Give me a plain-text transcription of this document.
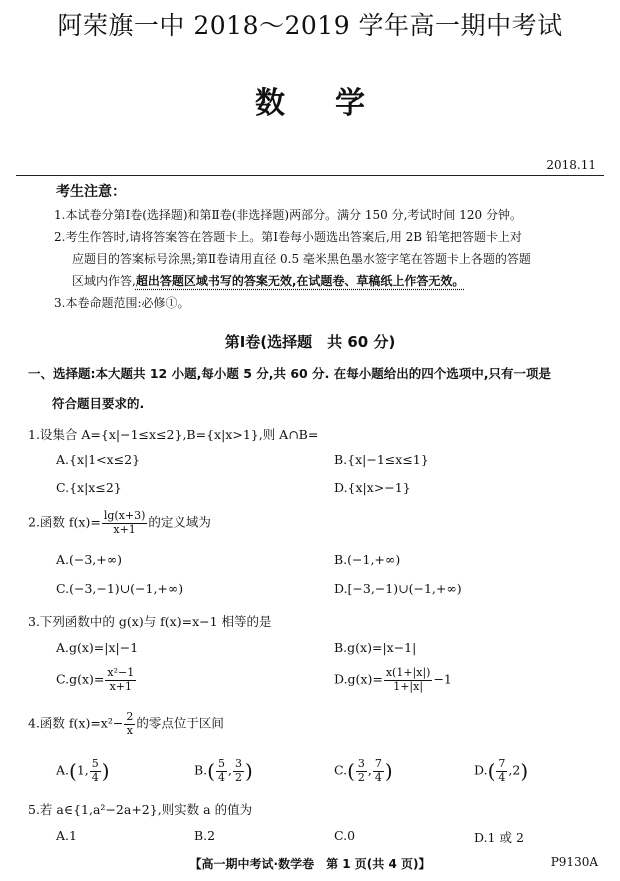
阿荣旗一中 2018～2019 学年高一期中考试
数学
2018.11
考生注意：
1.本试卷分第Ⅰ卷(选择题)和第Ⅱ卷(非选择题)两部分。满分 150 分,考试时间 120 分钟。
2.考生作答时,请将答案答在答题卡上。第Ⅰ卷每小题选出答案后,用 2B 铅笔把答题卡上对
应题目的答案标号涂黑;第Ⅱ卷请用直径 0.5 毫米黑色墨水签字笔在答题卡上各题的答题
区域内作答,超出答题区域书写的答案无效,在试题卷、草稿纸上作答无效。
3.本卷命题范围:必修①。
第Ⅰ卷(选择题　共 60 分)
一、选择题:本大题共 12 小题,每小题 5 分,共 60 分. 在每小题给出的四个选项中,只有一项是
符合题目要求的.
1.设集合 A={x|−1≤x≤2},B={x|x>1},则 A∩B=
A.{x|1<x≤2}	B.{x|−1≤x≤1}
C.{x|x≤2}	D.{x|x>−1}
2.函数 $f(x)= \frac{\lg(x+3)}{x+1}$ 的定义域为
A.(−3,+∞)	B.(−1,+∞)
C.(−3,−1)∪(−1,+∞)	D.[−3,−1)∪(−1,+∞)
3.下列函数中的 g(x)与 f(x)=x−1 相等的是
A.g(x)=|x|−1	B.g(x)=|x−1|
$C.g(x)= \frac{\text{x²−1}}{x+1}$	$D.g(x)= \frac{x(1+|x|)}{1+|x|} -1$
4.函数 $f(x)=x^2- \frac{2}{x}$ 的零点位于区间
A.(1, $\frac{5}{4}$ )	$B.( \frac{5}{4}$ , $\frac{3}{2}$ )	$C.( \frac{3}{2}$ , $\frac{7}{4}$ )	$D.( \frac{7}{4} ,2)$
5.若 a∈{1,a²−2a+2},则实数 a 的值为
A.1	B.2	C.0	D.1 或 2
【高一期中考试·数学卷　第 1 页(共 4 页)】	P9130A
